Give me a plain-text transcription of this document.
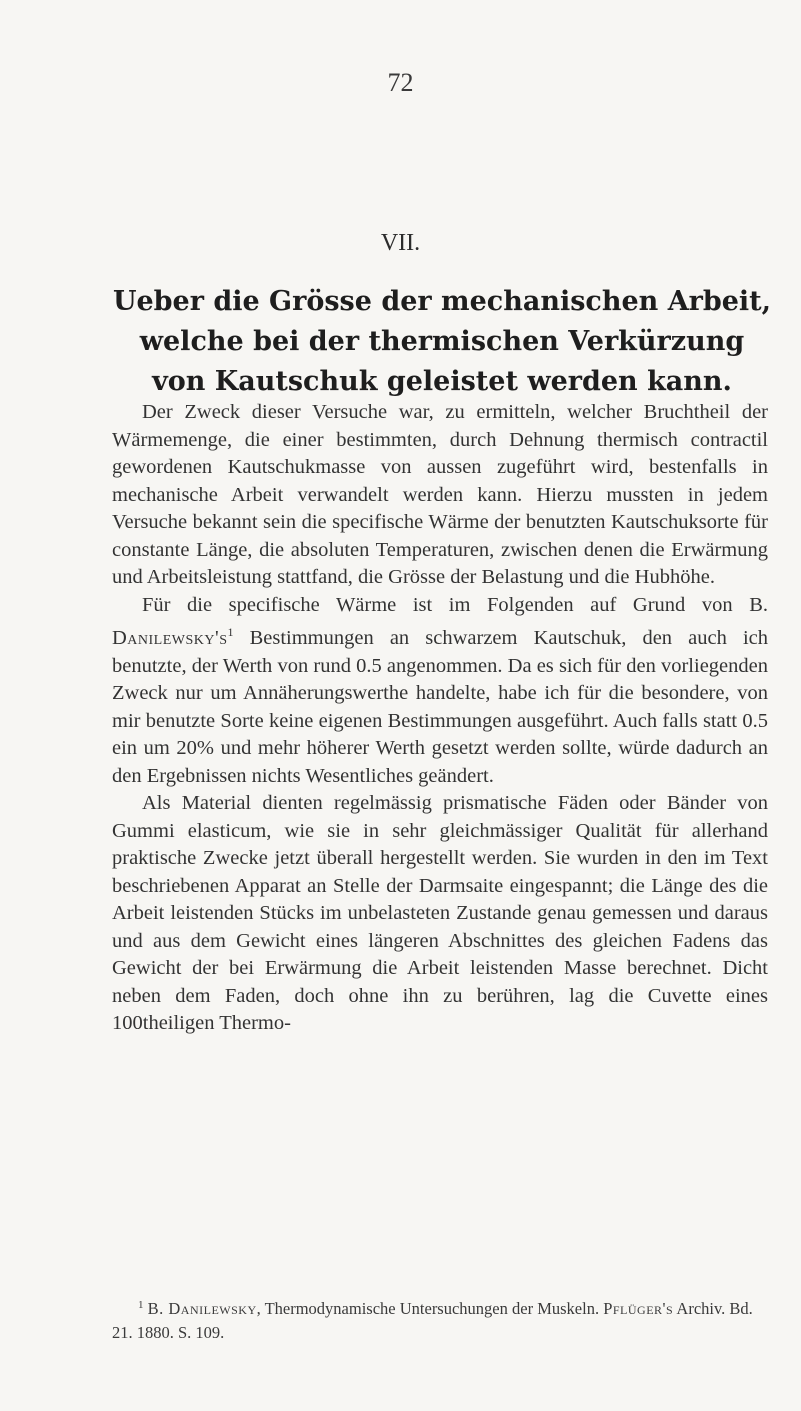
72
VII.
Ueber die Grösse der mechanischen Arbeit, welche bei der thermischen Verkürzung von Kautschuk geleistet werden kann.

Der Zweck dieser Versuche war, zu ermitteln, welcher Bruchtheil der Wärmemenge, die einer bestimmten, durch Dehnung thermisch contractil gewordenen Kautschukmasse von aussen zugeführt wird, bestenfalls in mechanische Arbeit verwandelt werden kann. Hierzu mussten in jedem Versuche bekannt sein die specifische Wärme der benutzten Kautschuksorte für constante Länge, die absoluten Temperaturen, zwischen denen die Erwärmung und Arbeitsleistung stattfand, die Grösse der Belastung und die Hubhöhe.

Für die specifische Wärme ist im Folgenden auf Grund von B. Danilewsky's$^1$ Bestimmungen an schwarzem Kautschuk, den auch ich benutzte, der Werth von rund 0.5 angenommen. Da es sich für den vorliegenden Zweck nur um Annäherungswerthe handelte, habe ich für die besondere, von mir benutzte Sorte keine eigenen Bestimmungen ausgeführt. Auch falls statt 0.5 ein um 20% und mehr höherer Werth gesetzt werden sollte, würde dadurch an den Ergebnissen nichts Wesentliches geändert.

Als Material dienten regelmässig prismatische Fäden oder Bänder von Gummi elasticum, wie sie in sehr gleichmässiger Qualität für allerhand praktische Zwecke jetzt überall hergestellt werden. Sie wurden in den im Text beschriebenen Apparat an Stelle der Darmsaite eingespannt; die Länge des die Arbeit leistenden Stücks im unbelasteten Zustande genau gemessen und daraus und aus dem Gewicht eines längeren Abschnittes des gleichen Fadens das Gewicht der bei Erwärmung die Arbeit leistenden Masse berechnet. Dicht neben dem Faden, doch ohne ihn zu berühren, lag die Cuvette eines 100theiligen Thermo-

$^1$ B. Danilewsky, Thermodynamische Untersuchungen der Muskeln. Pflüger's Archiv. Bd. 21. 1880. S. 109.
